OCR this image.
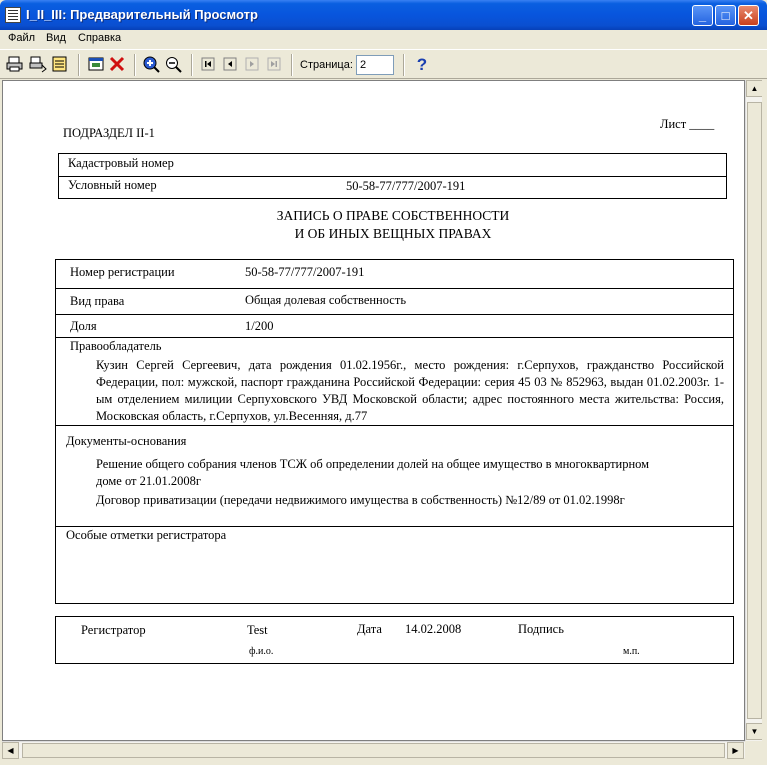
I_II_III: Предварительный Просмотр	_	□	✕
Файл Вид Справка
Страница:
2	?
Лист ____
ПОДРАЗДЕЛ II-1
Кадастровый номер
Условный номер	50-58-77/777/2007-191
ЗАПИСЬ О ПРАВЕ СОБСТВЕННОСТИ
И ОБ ИНЫХ ВЕЩНЫХ ПРАВАХ
Номер регистрации	50-58-77/777/2007-191
Вид права	Общая долевая собственность
Доля	1/200
Правообладатель
Кузин Сергей Сергеевич, дата рождения 01.02.1956г., место рождения: г.Серпухов, гражданство Российской Федерации, пол: мужской, паспорт гражданина Российской Федерации: серия 45 03 № 852963, выдан 01.02.2003г. 1-ым отделением милиции Серпуховского УВД Московской области; адрес постоянного места жительства: Россия, Московская область, г.Серпухов, ул.Весенняя, д.77
Документы-основания
Решение общего собрания членов ТСЖ об определении долей на общее имущество в многоквартирном доме от 21.01.2008г
Договор приватизации (передачи недвижимого имущества в собственность) №12/89 от 01.02.1998г
Особые отметки регистратора
Регистратор	Test
ф.и.о.
Дата 14.02.2008	Подпись
м.п.
▲
▼
◀	▶
